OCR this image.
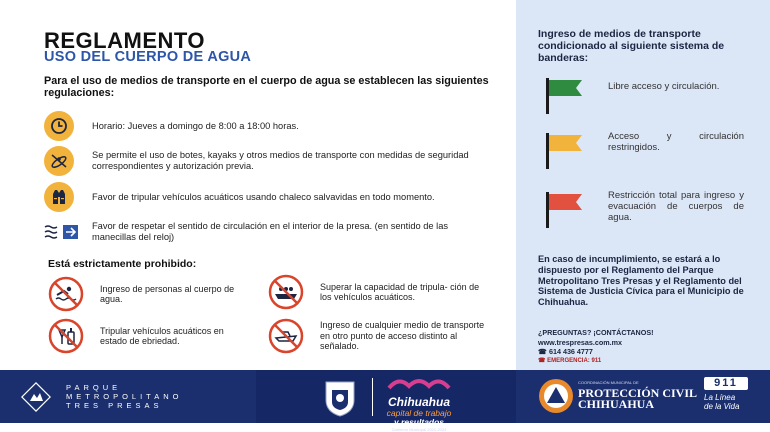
REGLAMENTO
USO DEL CUERPO DE AGUA
Para el uso de medios de transporte en el cuerpo de agua se establecen las siguientes regulaciones:
Horario: Jueves a domingo de 8:00 a 18:00 horas.
Se permite el uso de botes, kayaks y otros medios de transporte con medidas de seguridad correspondientes y autorización previa.
Favor de tripular vehículos acuáticos usando chaleco salvavidas en todo momento.
Favor de respetar el sentido de circulación en el interior de la presa. (en sentido de las manecillas del reloj)
Está estrictamente prohibido:
Ingreso de personas al cuerpo de agua.
Superar la capacidad de tripula- ción de los vehículos acuáticos.
Tripular vehículos acuáticos en estado de ebriedad.
Ingreso de cualquier medio de transporte en otro punto de acceso distinto al señalado.
Ingreso de medios de transporte condicionado al siguiente sistema de banderas:
Libre acceso y circulación.
Acceso y circulación restringidos.
Restricción total para ingreso y evacuación de cuerpos de agua.
En caso de incumplimiento, se estará a lo dispuesto por el Reglamento del Parque Metropolitano Tres Presas y el Reglamento del Sistema de Justicia Cívica para el Municipio de Chihuahua.
¿PREGUNTAS? ¡CONTÁCTANOS!
www.trespresas.com.mx
☎ 614 436 4777
☎ EMERGENCIA: 911
PARQUE
METROPOLITANO
TRES PRESAS	Chihuahua
capital de trabajo
y resultados
Gobierno Municipal 2021-2024
COORDINACIÓN MUNICIPAL DE
PROTECCIÓN CIVIL
CHIHUAHUA
911
La Línea
de la Vida
